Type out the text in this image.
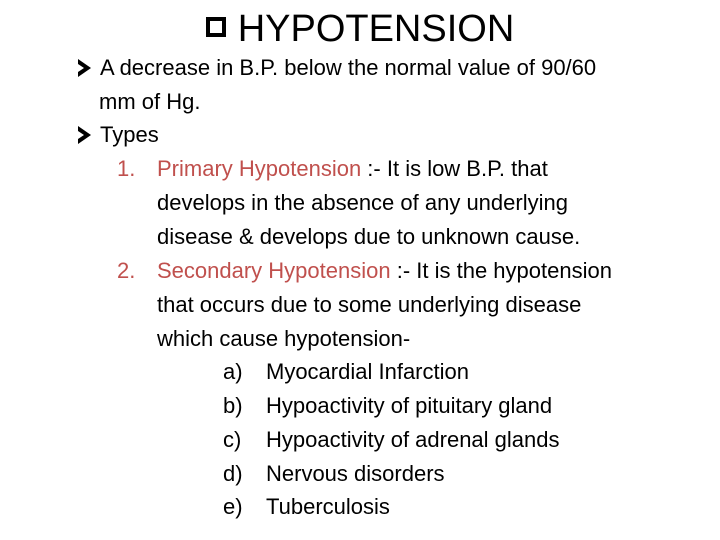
HYPOTENSION
A decrease in B.P. below the normal value of 90/60
mm of Hg.
Types
1. Primary Hypotension :- It is low B.P. that
develops in the absence of any underlying
disease & develops due to unknown cause.
2. Secondary Hypotension :- It is the hypotension
that occurs due to some underlying disease
which cause hypotension-
a) Myocardial Infarction
b) Hypoactivity of pituitary gland
c) Hypoactivity of adrenal glands
d) Nervous disorders
e) Tuberculosis
